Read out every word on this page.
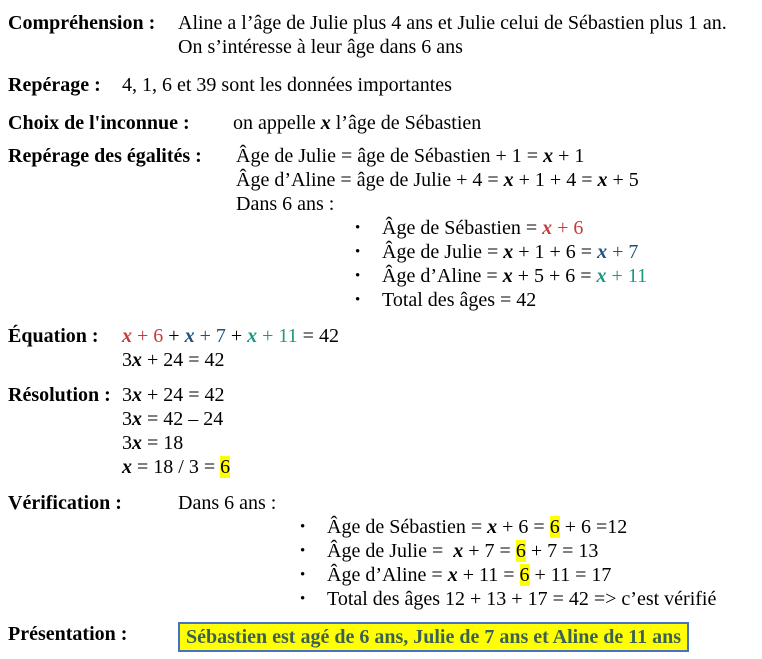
Compréhension :	Aline a l’âge de Julie plus 4 ans et Julie celui de Sébastien plus 1 an.
On s’intéresse à leur âge dans 6 ans
Repérage :	4, 1, 6 et 39 sont les données importantes
Choix de l'inconnue :	on appelle x l’âge de Sébastien
Repérage des égalités :	Âge de Julie = âge de Sébastien + 1 = x + 1
Âge d’Aline = âge de Julie + 4 = x + 1 + 4 = x + 5
Dans 6 ans :
•	Âge de Sébastien = x + 6
•	Âge de Julie = x + 1 + 6 = x + 7
•	Âge d’Aline = x + 5 + 6 = x + 11
•	Total des âges = 42
Équation :	x + 6 + x + 7 + x + 11 = 42
3x + 24 = 42
Résolution : 3x + 24 = 42
3x = 42 – 24
3x = 18
x = 18 / 3 = 6
Vérification :	Dans 6 ans :
•	Âge de Sébastien = x + 6 = 6 + 6 =12
•	Âge de Julie =  x + 7 = 6 + 7 = 13
•	Âge d’Aline = x + 11 = 6 + 11 = 17
•	Total des âges 12 + 13 + 17 = 42 => c’est vérifié
Présentation :	Sébastien est agé de 6 ans, Julie de 7 ans et Aline de 11 ans
